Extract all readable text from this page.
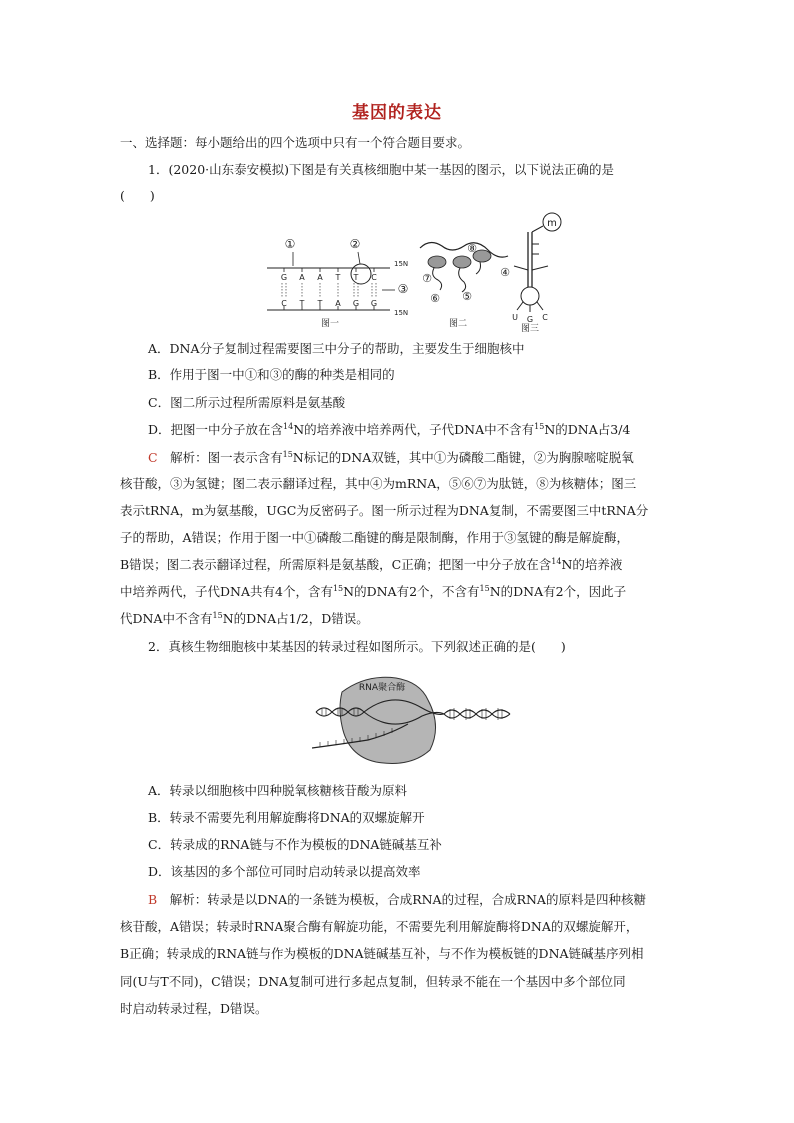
基因的表达
一、选择题：每小题给出的四个选项中只有一个符合题目要求。
1．(2020·山东泰安模拟)下图是有关真核细胞中某一基因的图示，以下说法正确的是
(　　)
G A A T T C
C T T A G G
①	②
③
15N
15N
图一
⑦
⑧
⑥ ⑤
④
图二
m
U G C
图三
A．DNA分子复制过程需要图三中分子的帮助，主要发生于细胞核中
B．作用于图一中①和③的酶的种类是相同的
C．图二所示过程所需原料是氨基酸
D．把图一中分子放在含$^{14}$N的培养液中培养两代，子代DNA中不含有$^{15}$N的DNA占3/4
C　 解析：图一表示含有$^{15}$N标记的DNA双链，其中①为磷酸二酯键，②为胸腺嘧啶脱氧
核苷酸，③为氢键；图二表示翻译过程，其中④为mRNA，⑤⑥⑦为肽链，⑧为核糖体；图三
表示tRNA，m为氨基酸，UGC为反密码子。图一所示过程为DNA复制，不需要图三中tRNA分
子的帮助，A错误；作用于图一中①磷酸二酯键的酶是限制酶，作用于③氢键的酶是解旋酶，
B错误；图二表示翻译过程，所需原料是氨基酸，C正确；把图一中分子放在含$^{14}$N的培养液
中培养两代，子代DNA共有4个，含有$^{15}$N的DNA有2个，不含有$^{15}$N的DNA有2个，因此子
代DNA中不含有$^{15}$N的DNA占1/2，D错误。
2．真核生物细胞核中某基因的转录过程如图所示。下列叙述正确的是(　　)
RNA聚合酶
A．转录以细胞核中四种脱氧核糖核苷酸为原料
B．转录不需要先利用解旋酶将DNA的双螺旋解开
C．转录成的RNA链与不作为模板的DNA链碱基互补
D．该基因的多个部位可同时启动转录以提高效率
B　 解析：转录是以DNA的一条链为模板，合成RNA的过程，合成RNA的原料是四种核糖
核苷酸，A错误；转录时RNA聚合酶有解旋功能，不需要先利用解旋酶将DNA的双螺旋解开，
B正确；转录成的RNA链与作为模板的DNA链碱基互补，与不作为模板链的DNA链碱基序列相
同(U与T不同)，C错误；DNA复制可进行多起点复制，但转录不能在一个基因中多个部位同
时启动转录过程，D错误。
